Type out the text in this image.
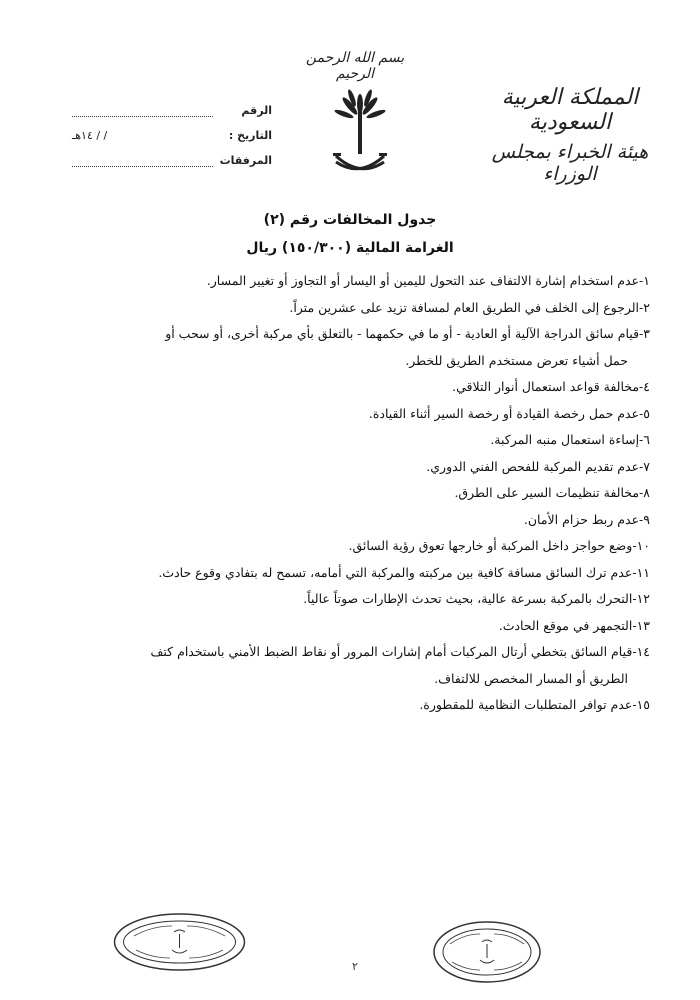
بسم الله الرحمن الرحيم
المملكة العربية السعودية
هيئة الخبراء بمجلس الوزراء
الرقم
التاريخ :
/ / ١٤هـ
المرفقات
جدول المخالفات رقم (٢)
الغرامة المالية (١٥٠/٣٠٠) ريال
١-عدم استخدام إشارة الالتفاف عند التحول لليمين أو اليسار أو التجاوز أو تغيير المسار.
٢-الرجوع إلى الخلف في الطريق العام لمسافة تزيد على عشرين متراً.
٣-قيام سائق الدراجة الآلية أو العادية - أو ما في حكمهما - بالتعلق بأي مركبة أخرى، أو سحب أو
حمل أشياء تعرض مستخدم الطريق للخطر.
٤-مخالفة قواعد استعمال أنوار التلاقي.
٥-عدم حمل رخصة القيادة أو رخصة السير أثناء القيادة.
٦-إساءة استعمال منبه المركبة.
٧-عدم تقديم المركبة للفحص الفني الدوري.
٨-مخالفة تنظيمات السير على الطرق.
٩-عدم ربط حزام الأمان.
١٠-وضع حواجز داخل المركبة أو خارجها تعوق رؤية السائق.
١١-عدم ترك السائق مسافة كافية بين مركبته والمركبة التي أمامه، تسمح له بتفادي وقوع حادث.
١٢-التحرك بالمركبة بسرعة عالية، بحيث تحدث الإطارات صوتاً عالياً.
١٣-التجمهر في موقع الحادث.
١٤-قيام السائق بتخطي أرتال المركبات أمام إشارات المرور أو نقاط الضبط الأمني باستخدام كتف
الطريق أو المسار المخصص للالتفاف.
١٥-عدم توافر المتطلبات النظامية للمقطورة.
٢
